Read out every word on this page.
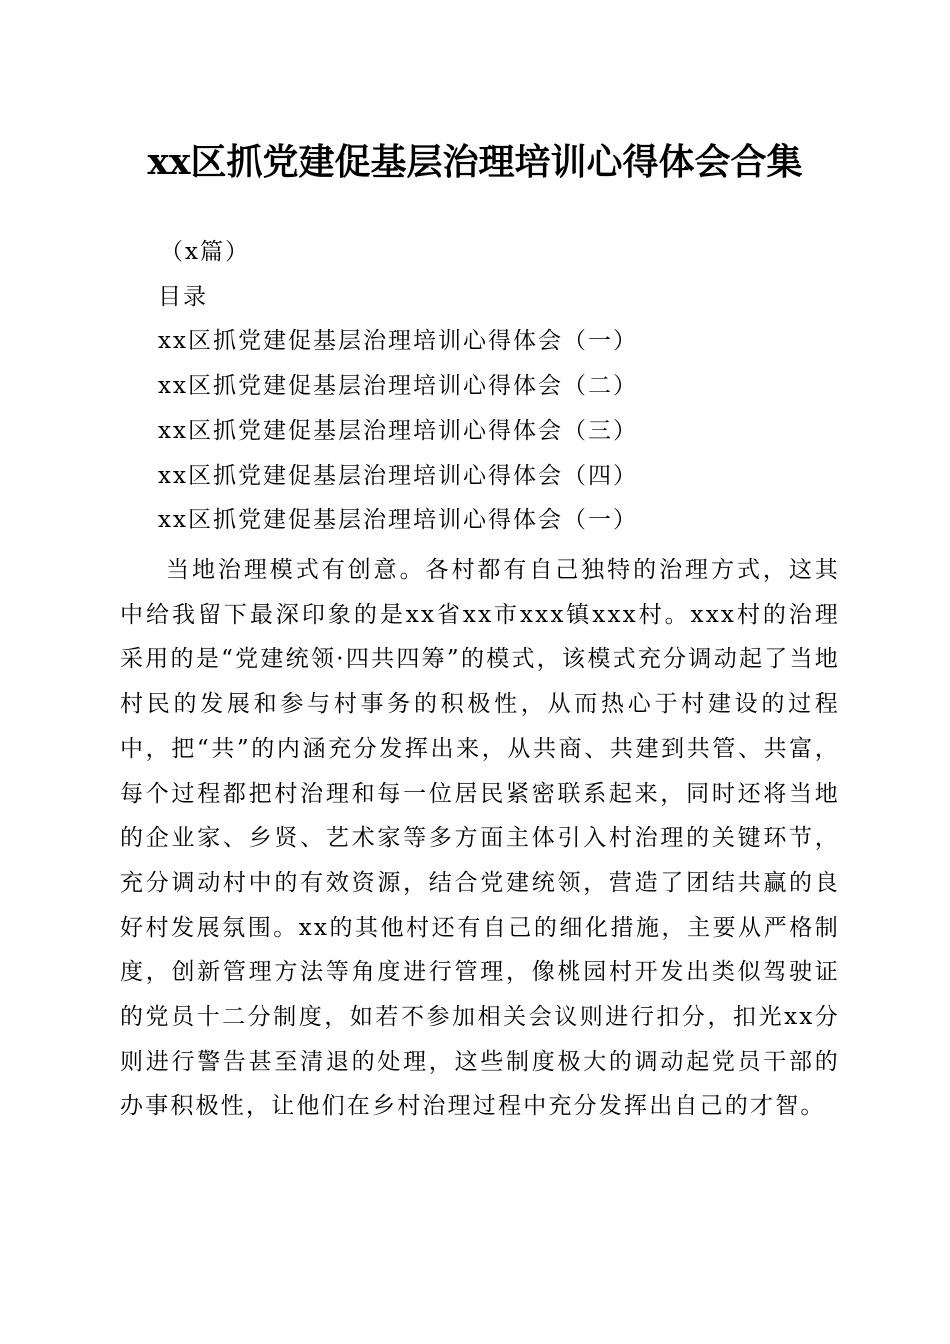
xx区抓党建促基层治理培训心得体会合集
（x篇）
目录
xx区抓党建促基层治理培训心得体会（一）
xx区抓党建促基层治理培训心得体会（二）
xx区抓党建促基层治理培训心得体会（三）
xx区抓党建促基层治理培训心得体会（四）
xx区抓党建促基层治理培训心得体会（一）

当地治理模式有创意。各村都有自己独特的治理方式，这其中给我留下最深印象的是xx省xx市xxx镇xxx村。xxx村的治理采用的是“党建统领·四共四筹”的模式，该模式充分调动起了当地村民的发展和参与村事务的积极性，从而热心于村建设的过程中，把“共”的内涵充分发挥出来，从共商、共建到共管、共富，每个过程都把村治理和每一位居民紧密联系起来，同时还将当地的企业家、乡贤、艺术家等多方面主体引入村治理的关键环节，充分调动村中的有效资源，结合党建统领，营造了团结共赢的良好村发展氛围。xx的其他村还有自己的细化措施，主要从严格制度，创新管理方法等角度进行管理，像桃园村开发出类似驾驶证的党员十二分制度，如若不参加相关会议则进行扣分，扣光xx分则进行警告甚至清退的处理，这些制度极大的调动起党员干部的办事积极性，让他们在乡村治理过程中充分发挥出自己的才智。
